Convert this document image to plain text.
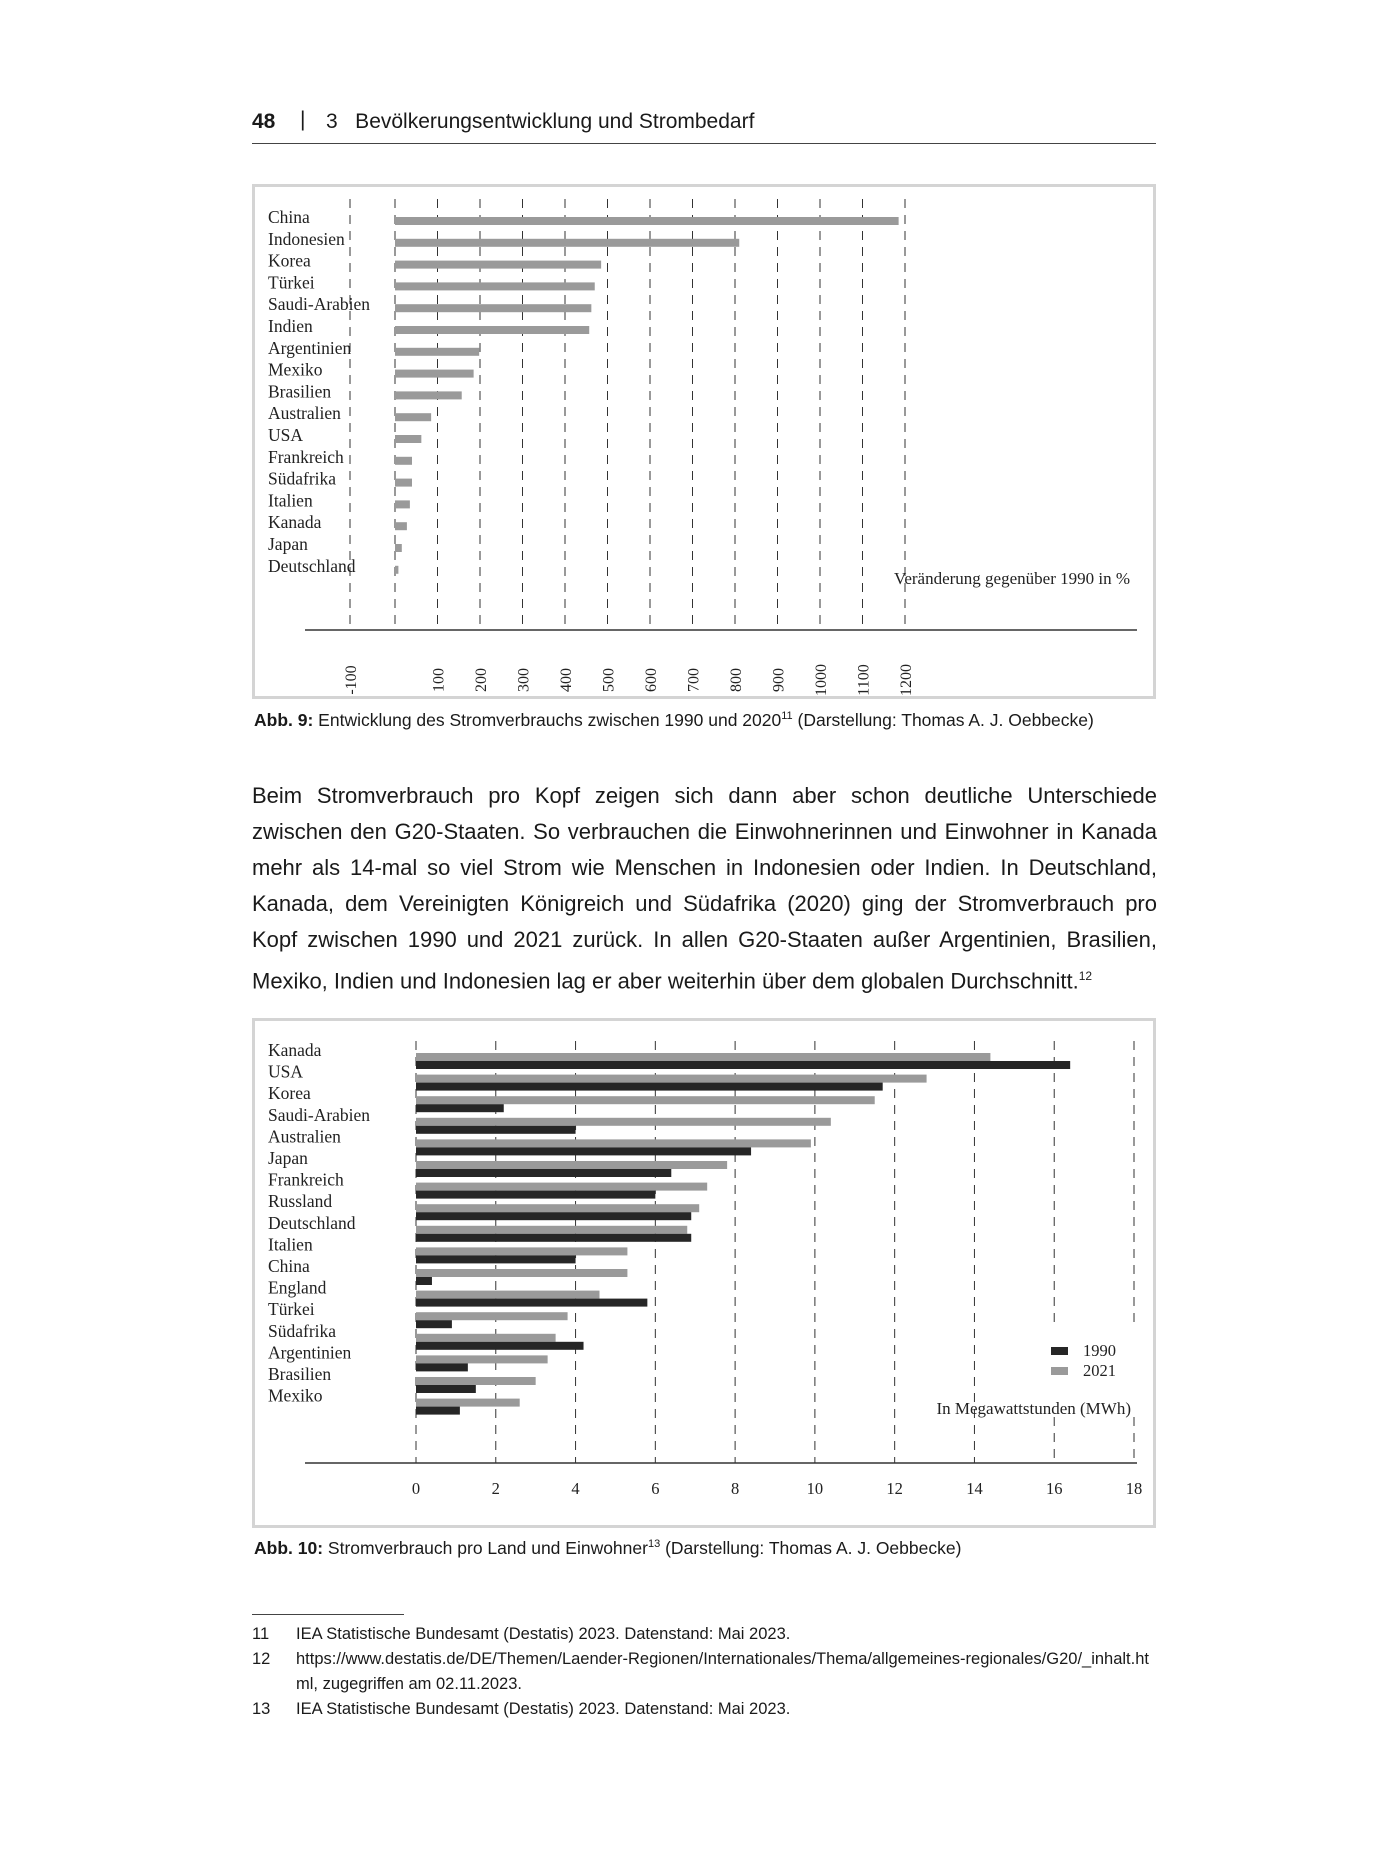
48 | 3   Bevölkerungsentwicklung und Strombedarf
-100	100 200 300 400 500 600 700 800 900 1000 1100 1200
China
Indonesien
Korea
Türkei
Saudi-Arabien
Indien
Argentinien
Mexiko
Brasilien
Australien
USA
Frankreich
Südafrika
Italien
Kanada
Japan
Deutschland
Veränderung gegenüber 1990 in %
Abb. 9: Entwicklung des Stromverbrauchs zwischen 1990 und 2020$^{11}$ (Darstellung: Thomas A. J. Oebbecke)
Beim Stromverbrauch pro Kopf zeigen sich dann aber schon deutliche Unterschiede zwischen den G20-Staaten. So verbrauchen die Einwohnerinnen und Einwohner in Kanada mehr als 14-mal so viel Strom wie Menschen in Indonesien oder Indien. In Deutschland, Kanada, dem Vereinigten Königreich und Südafrika (2020) ging der Stromverbrauch pro Kopf zwischen 1990 und 2021 zurück. In allen G20-Staaten außer Argentinien, Brasilien, Mexiko, Indien und Indonesien lag er aber weiterhin über dem globalen Durchschnitt.$^{12}$
0	2	4	6	8	10	12	14	16	18
Kanada
USA
Korea
Saudi-Arabien
Australien
Japan
Frankreich
Russland
Deutschland
Italien
China
England
Türkei
Südafrika
Argentinien
Brasilien
Mexiko
1990
2021
In Megawattstunden (MWh)
Abb. 10: Stromverbrauch pro Land und Einwohner$^{13}$ (Darstellung: Thomas A. J. Oebbecke)
11	IEA Statistische Bundesamt (Destatis) 2023. Datenstand: Mai 2023.
12	https://www.destatis.de/DE/Themen/Laender-Regionen/Internationales/Thema/allgemeines-regionales/G20/_inhalt.html, zugegriffen am 02.11.2023.
13	IEA Statistische Bundesamt (Destatis) 2023. Datenstand: Mai 2023.
